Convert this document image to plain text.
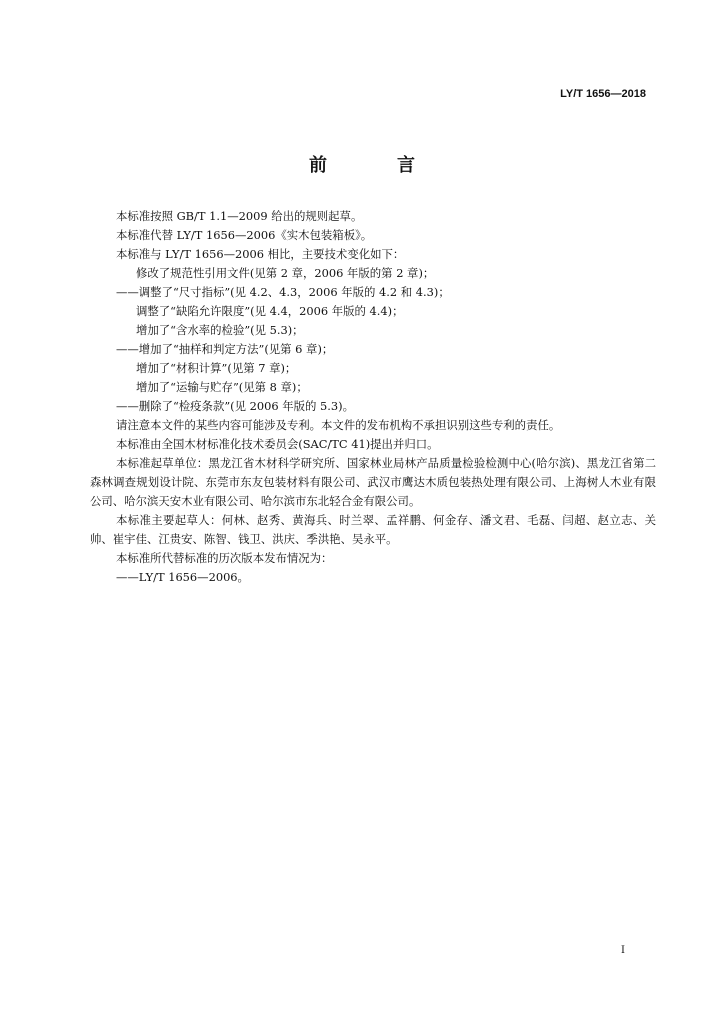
LY/T 1656—2018
前　言
本标准按照 GB/T 1.1—2009 给出的规则起草。
本标准代替 LY/T 1656—2006《实木包装箱板》。
本标准与 LY/T 1656—2006 相比，主要技术变化如下：
修改了规范性引用文件(见第 2 章，2006 年版的第 2 章)；
——调整了“尺寸指标”(见 4.2、4.3，2006 年版的 4.2 和 4.3)；
调整了“缺陷允许限度”(见 4.4，2006 年版的 4.4)；
增加了“含水率的检验”(见 5.3)；
——增加了“抽样和判定方法”(见第 6 章)；
增加了“材积计算”(见第 7 章)；
增加了“运输与贮存”(见第 8 章)；
——删除了“检疫条款”(见 2006 年版的 5.3)。
请注意本文件的某些内容可能涉及专利。本文件的发布机构不承担识别这些专利的责任。
本标准由全国木材标准化技术委员会(SAC/TC 41)提出并归口。
本标准起草单位：黑龙江省木材科学研究所、国家林业局林产品质量检验检测中心(哈尔滨)、黑龙江省第二森林调查规划设计院、东莞市东友包装材料有限公司、武汉市鹰达木质包装热处理有限公司、上海树人木业有限公司、哈尔滨天安木业有限公司、哈尔滨市东北轻合金有限公司。
本标准主要起草人：何林、赵秀、黄海兵、时兰翠、孟祥鹏、何金存、潘文君、毛磊、闫超、赵立志、关帅、崔宇佳、江贵安、陈智、钱卫、洪庆、季洪艳、吴永平。
本标准所代替标准的历次版本发布情况为：
——LY/T 1656—2006。
I
